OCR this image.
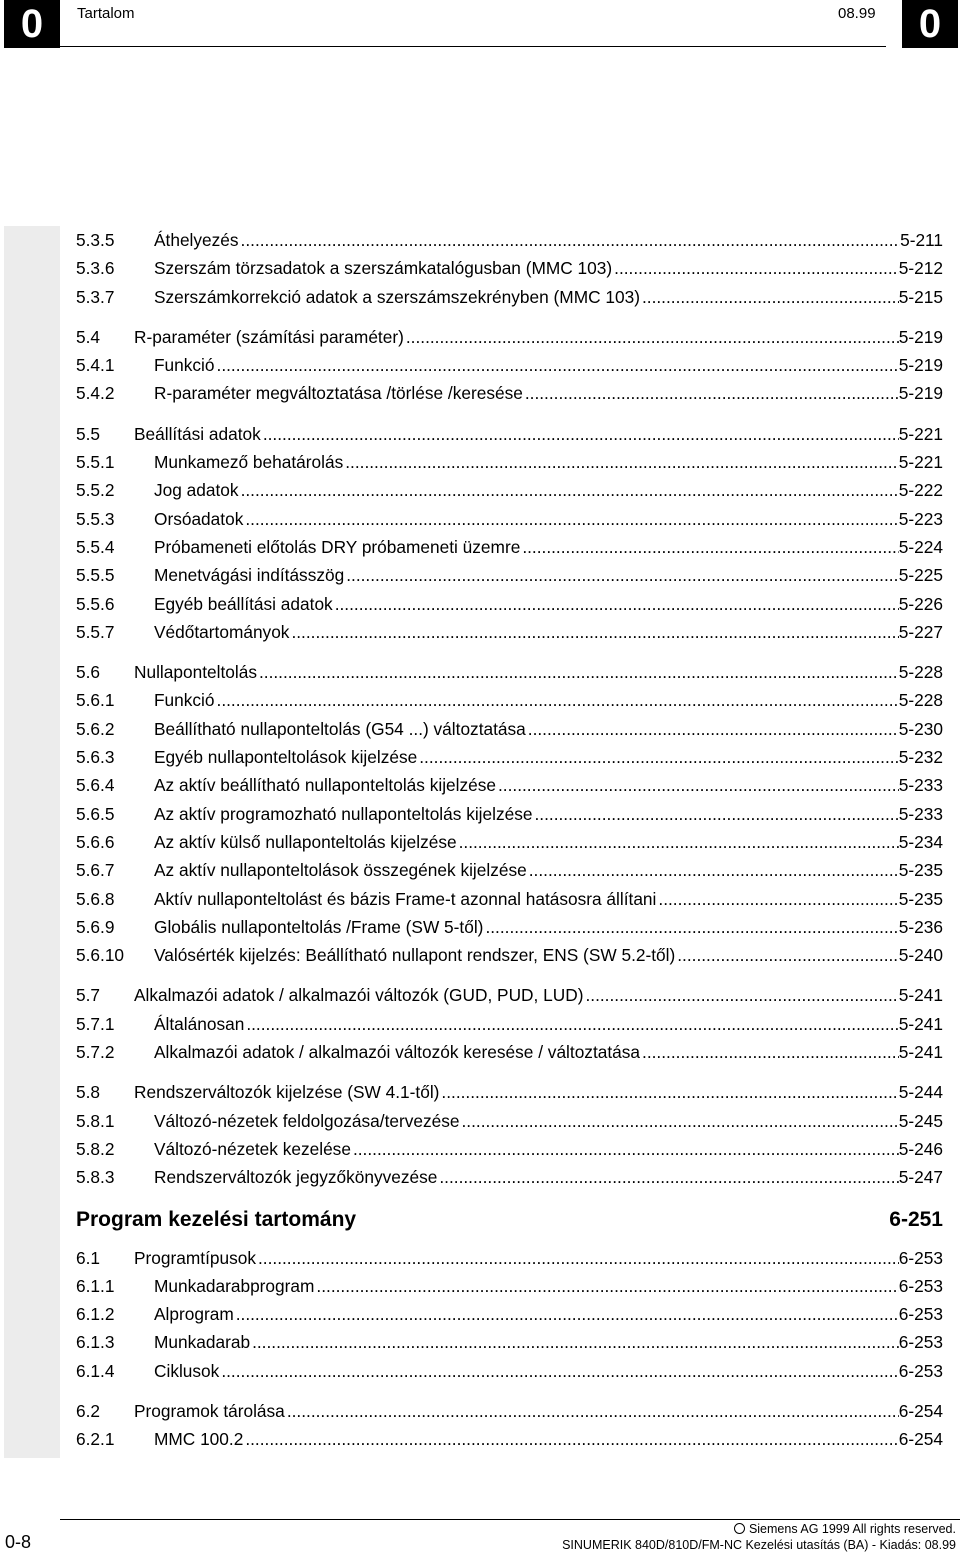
0	0
Tartalom	08.99
5.3.5	Áthelyezés .....	5-211
5.3.6	Szerszám törzsadatok a szerszámkatalógusban (MMC 103) .....	5-212
5.3.7	Szerszámkorrekció adatok a szerszámszekrényben (MMC 103) .....	5-215
5.4	R-paraméter (számítási paraméter) .....	5-219
5.4.1	Funkció .....	5-219
5.4.2	R-paraméter megváltoztatása /törlése /keresése .....	5-219
5.5	Beállítási adatok .....	5-221
5.5.1	Munkamező behatárolás .....	5-221
5.5.2	Jog adatok .....	5-222
5.5.3	Orsóadatok .....	5-223
5.5.4	Próbameneti előtolás DRY próbameneti üzemre .....	5-224
5.5.5	Menetvágási indításszög .....	5-225
5.5.6	Egyéb beállítási adatok .....	5-226
5.5.7	Védőtartományok .....	5-227
5.6	Nullaponteltolás .....	5-228
5.6.1	Funkció .....	5-228
5.6.2	Beállítható nullaponteltolás (G54 ...) változtatása .....	5-230
5.6.3	Egyéb nullaponteltolások kijelzése .....	5-232
5.6.4	Az aktív beállítható nullaponteltolás kijelzése .....	5-233
5.6.5	Az aktív programozható nullaponteltolás kijelzése .....	5-233
5.6.6	Az aktív külső nullaponteltolás kijelzése .....	5-234
5.6.7	Az aktív nullaponteltolások összegének kijelzése .....	5-235
5.6.8	Aktív nullaponteltolást és bázis Frame-t azonnal hatásosra állítani .....	5-235
5.6.9	Globális nullaponteltolás /Frame (SW 5-től) .....	5-236
5.6.10	Valósérték kijelzés: Beállítható nullapont rendszer, ENS (SW 5.2-től) .....	5-240
5.7	Alkalmazói adatok / alkalmazói változók (GUD, PUD, LUD) .....	5-241
5.7.1	Általánosan .....	5-241
5.7.2	Alkalmazói adatok / alkalmazói változók keresése / változtatása .....	5-241
5.8	Rendszerváltozók kijelzése (SW 4.1-től) .....	5-244
5.8.1	Változó-nézetek feldolgozása/tervezése .....	5-245
5.8.2	Változó-nézetek kezelése .....	5-246
5.8.3	Rendszerváltozók jegyzőkönyvezése .....	5-247
Program kezelési tartomány	6-251
6.1	Programtípusok .....	6-253
6.1.1	Munkadarabprogram .....	6-253
6.1.2	Alprogram .....	6-253
6.1.3	Munkadarab .....	6-253
6.1.4	Ciklusok .....	6-253
6.2	Programok tárolása .....	6-254
6.2.1	MMC 100.2 .....	6-254
0-8
Siemens AG 1999 All rights reserved.
SINUMERIK 840D/810D/FM-NC Kezelési utasítás (BA) - Kiadás: 08.99
